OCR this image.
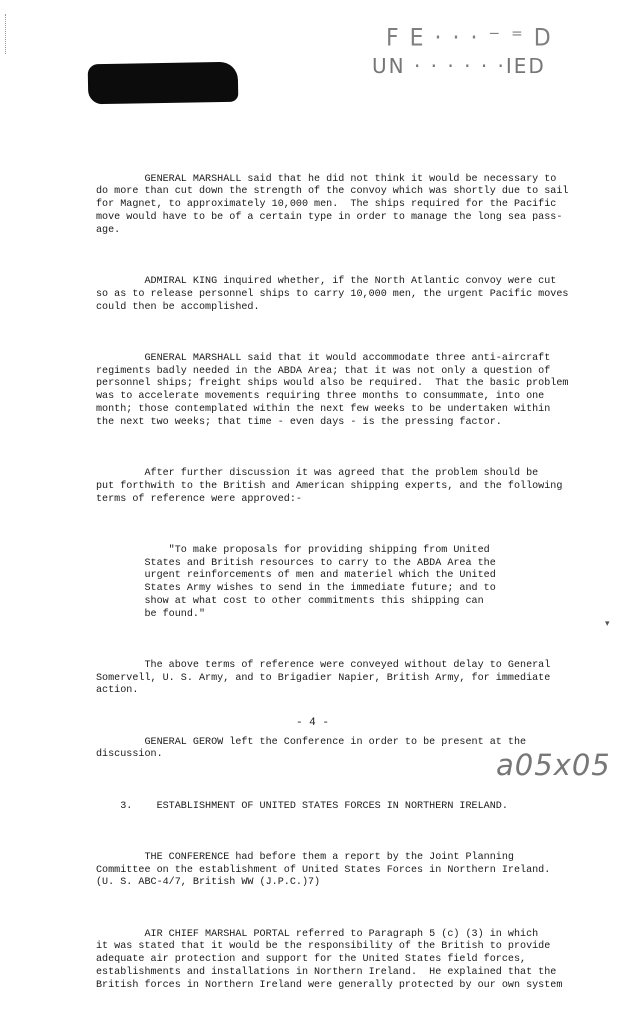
F E · · · ⁻ ⁼ D
UN · · · · · ·IED

GENERAL MARSHALL said that he did not think it would be necessary to
do more than cut down the strength of the convoy which was shortly due to sail
for Magnet, to approximately 10,000 men.  The ships required for the Pacific
move would have to be of a certain type in order to manage the long sea pass-
age.

ADMIRAL KING inquired whether, if the North Atlantic convoy were cut
so as to release personnel ships to carry 10,000 men, the urgent Pacific moves
could then be accomplished.

GENERAL MARSHALL said that it would accommodate three anti-aircraft
regiments badly needed in the ABDA Area; that it was not only a question of
personnel ships; freight ships would also be required.  That the basic problem
was to accelerate movements requiring three months to consummate, into one
month; those contemplated within the next few weeks to be undertaken within
the next two weeks; that time - even days - is the pressing factor.

After further discussion it was agreed that the problem should be
put forthwith to the British and American shipping experts, and the following
terms of reference were approved:-

"To make proposals for providing shipping from United
States and British resources to carry to the ABDA Area the
urgent reinforcements of men and materiel which the United
States Army wishes to send in the immediate future; and to
show at what cost to other commitments this shipping can
be found."

The above terms of reference were conveyed without delay to General
Somervell, U. S. Army, and to Brigadier Napier, British Army, for immediate
action.

GENERAL GEROW left the Conference in order to be present at the
discussion.

3.    ESTABLISHMENT OF UNITED STATES FORCES IN NORTHERN IRELAND.

THE CONFERENCE had before them a report by the Joint Planning
Committee on the establishment of United States Forces in Northern Ireland.
(U. S. ABC-4/7, British WW (J.P.C.)7)

AIR CHIEF MARSHAL PORTAL referred to Paragraph 5 (c) (3) in which
it was stated that it would be the responsibility of the British to provide
adequate air protection and support for the United States field forces,
establishments and installations in Northern Ireland.  He explained that the
British forces in Northern Ireland were generally protected by our own system

▾
- 4 -
a05x05
